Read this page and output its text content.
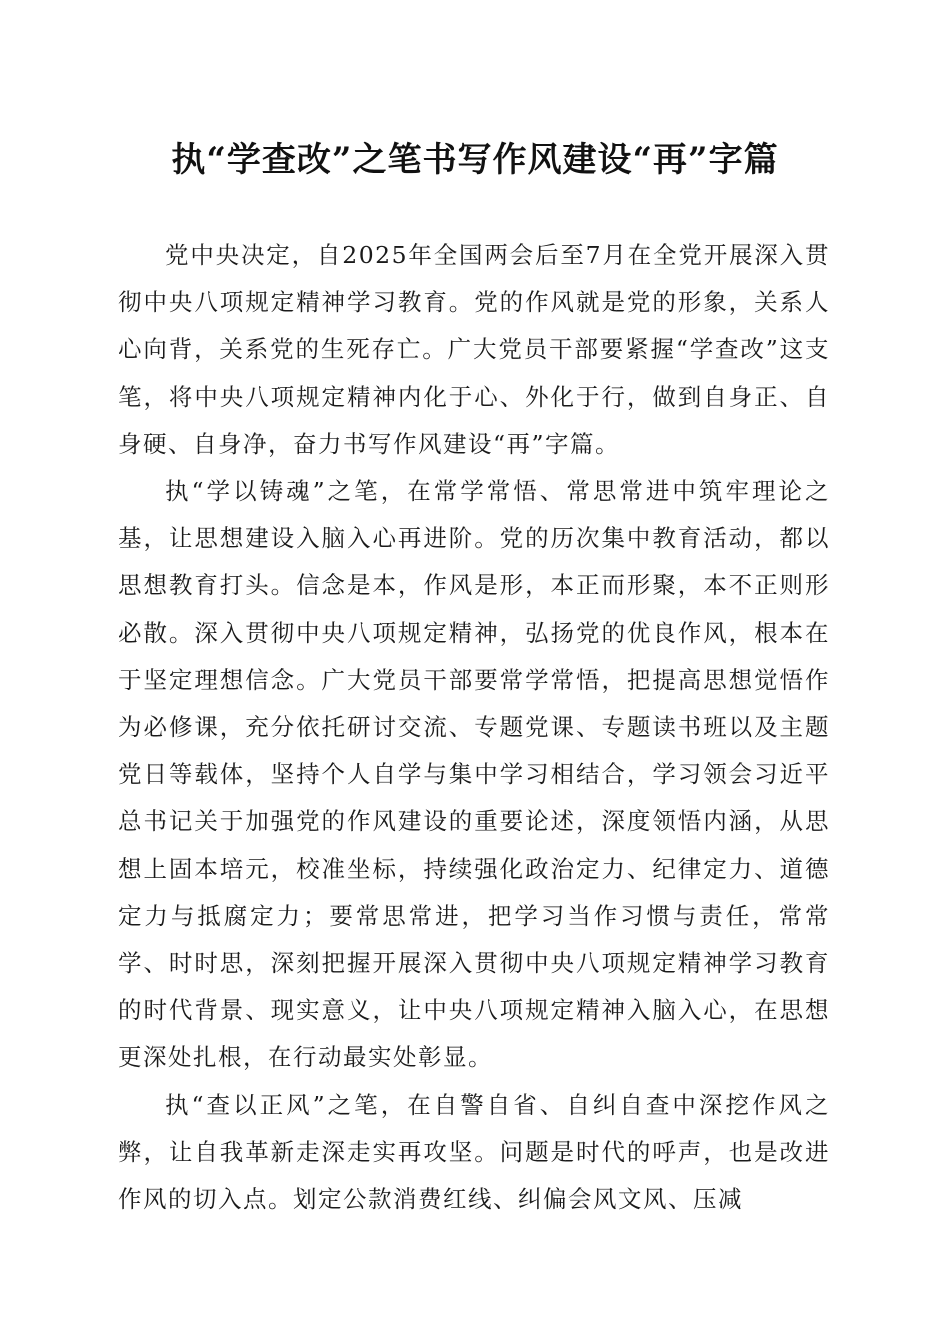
执“学查改”之笔书写作风建设“再”字篇

党中央决定，自2025年全国两会后至7月在全党开展深入贯彻中央八项规定精神学习教育。党的作风就是党的形象，关系人心向背，关系党的生死存亡。广大党员干部要紧握“学查改”这支笔，将中央八项规定精神内化于心、外化于行，做到自身正、自身硬、自身净，奋力书写作风建设“再”字篇。

执“学以铸魂”之笔，在常学常悟、常思常进中筑牢理论之基，让思想建设入脑入心再进阶。党的历次集中教育活动，都以思想教育打头。信念是本，作风是形，本正而形聚，本不正则形必散。深入贯彻中央八项规定精神，弘扬党的优良作风，根本在于坚定理想信念。广大党员干部要常学常悟，把提高思想觉悟作为必修课，充分依托研讨交流、专题党课、专题读书班以及主题党日等载体，坚持个人自学与集中学习相结合，学习领会习近平总书记关于加强党的作风建设的重要论述，深度领悟内涵，从思想上固本培元，校准坐标，持续强化政治定力、纪律定力、道德定力与抵腐定力；要常思常进，把学习当作习惯与责任，常常学、时时思，深刻把握开展深入贯彻中央八项规定精神学习教育的时代背景、现实意义，让中央八项规定精神入脑入心，在思想更深处扎根，在行动最实处彰显。

执“查以正风”之笔，在自警自省、自纠自查中深挖作风之弊，让自我革新走深走实再攻坚。问题是时代的呼声，也是改进作风的切入点。划定公款消费红线、纠偏会风文风、压减
